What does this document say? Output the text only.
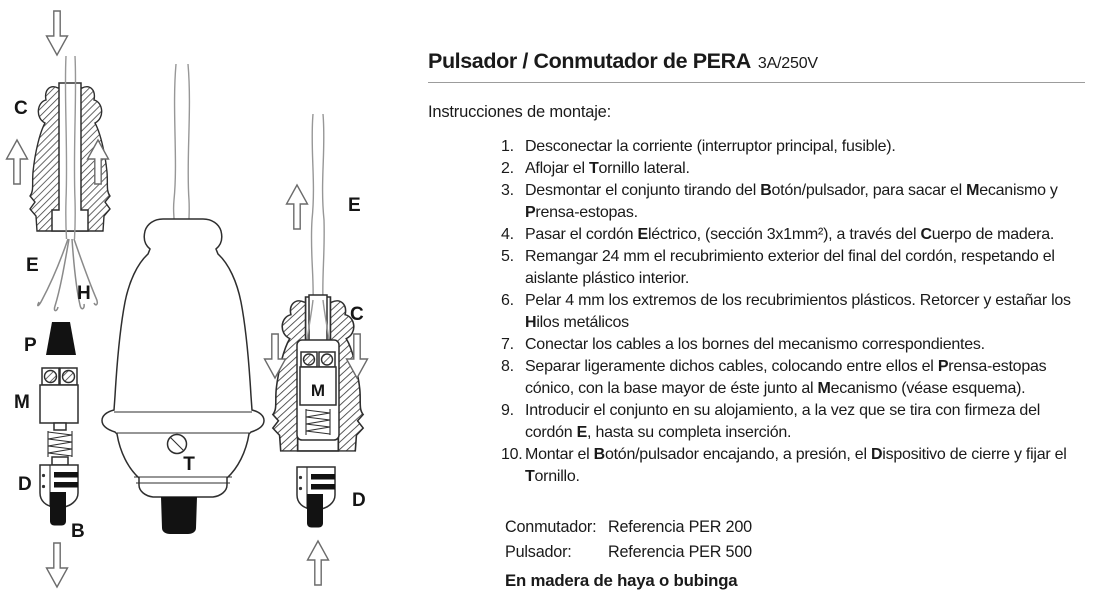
C
E
H
P
M
D
B
T
M
E
C
D
Pulsador / Conmutador de PERA 3A/250V

Instrucciones de montaje:

1. Desconectar la corriente (interruptor principal, fusible).
2. Aflojar el Tornillo lateral.
3. Desmontar el conjunto tirando del Botón/pulsador, para sacar el Mecanismo y Prensa-estopas.
4. Pasar el cordón Eléctrico, (sección 3x1mm²), a través del Cuerpo de madera.
5. Remangar 24 mm el recubrimiento exterior del final del cordón, respetando el aislante plástico interior.
6. Pelar 4 mm los extremos de los recubrimientos plásticos. Retorcer y estañar los Hilos metálicos
7. Conectar los cables a los bornes del mecanismo correspondientes.
8. Separar ligeramente dichos cables, colocando entre ellos el Prensa-estopas cónico, con la base mayor de éste junto al Mecanismo (véase esquema).
9. Introducir el conjunto en su alojamiento, a la vez que se tira con firmeza del cordón E, hasta su completa inserción.
10. Montar el Botón/pulsador encajando, a presión, el Dispositivo de cierre y fijar el Tornillo.
Conmutador: Referencia PER 200
Pulsador: Referencia PER 500

En madera de haya o bubinga
